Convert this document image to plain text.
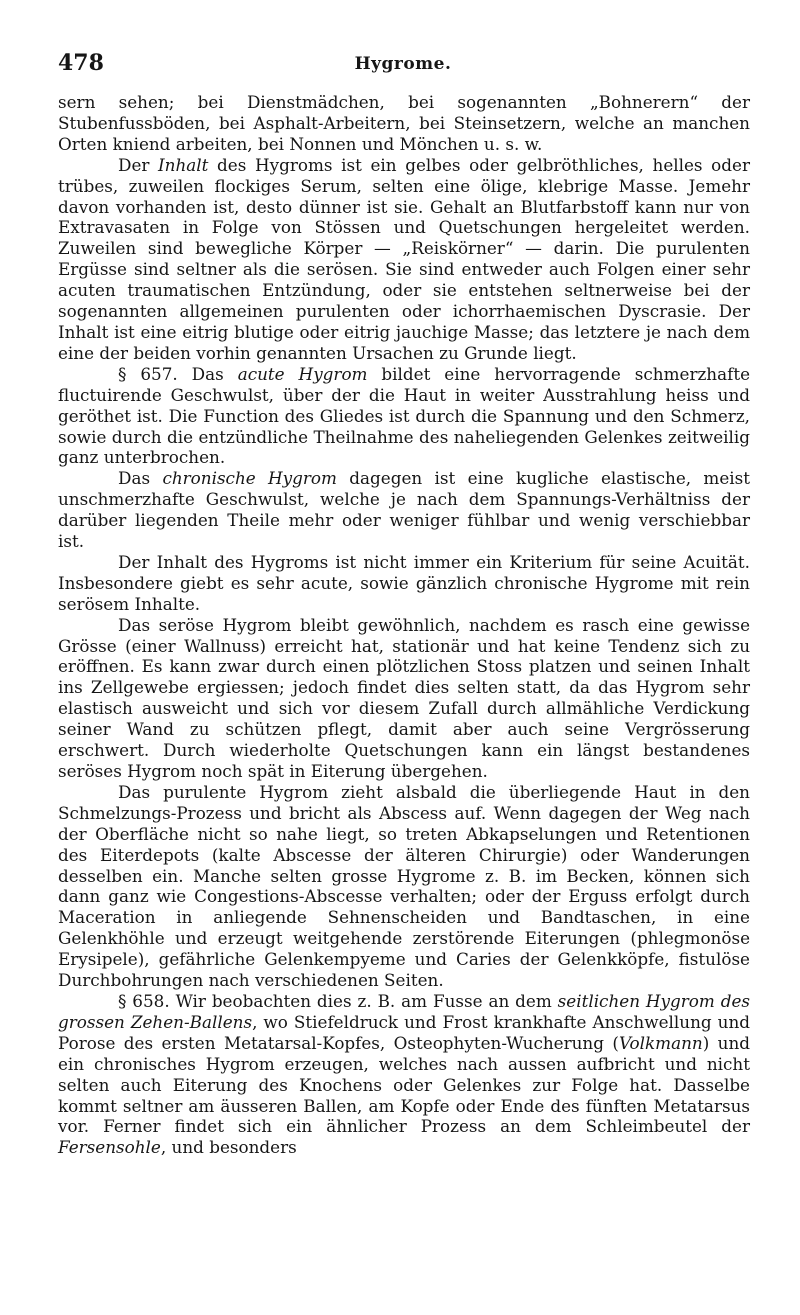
478	Hygrome.

sern sehen; bei Dienstmädchen, bei sogenannten „Bohnerern“ der Stubenfussböden, bei Asphalt-Arbeitern, bei Steinsetzern, welche an manchen Orten kniend arbeiten, bei Nonnen und Mönchen u. s. w.

Der Inhalt des Hygroms ist ein gelbes oder gelbröthliches, helles oder trübes, zuweilen flockiges Serum, selten eine ölige, klebrige Masse. Jemehr davon vorhanden ist, desto dünner ist sie. Gehalt an Blutfarbstoff kann nur von Extravasaten in Folge von Stössen und Quetschungen hergeleitet werden. Zuweilen sind bewegliche Körper — „Reiskörner“ — darin. Die purulenten Ergüsse sind seltner als die serösen. Sie sind entweder auch Folgen einer sehr acuten traumatischen Entzündung, oder sie entstehen seltnerweise bei der sogenannten allgemeinen purulenten oder ichorrhaemischen Dyscrasie. Der Inhalt ist eine eitrig blutige oder eitrig jauchige Masse; das letztere je nach dem eine der beiden vorhin genannten Ursachen zu Grunde liegt.

§ 657. Das acute Hygrom bildet eine hervorragende schmerzhafte fluctuirende Geschwulst, über der die Haut in weiter Ausstrahlung heiss und geröthet ist. Die Function des Gliedes ist durch die Spannung und den Schmerz, sowie durch die entzündliche Theilnahme des naheliegenden Gelenkes zeitweilig ganz unterbrochen.

Das chronische Hygrom dagegen ist eine kugliche elastische, meist unschmerzhafte Geschwulst, welche je nach dem Spannungs-Verhältniss der darüber liegenden Theile mehr oder weniger fühlbar und wenig verschiebbar ist.

Der Inhalt des Hygroms ist nicht immer ein Kriterium für seine Acuität. Insbesondere giebt es sehr acute, sowie gänzlich chronische Hygrome mit rein serösem Inhalte.

Das seröse Hygrom bleibt gewöhnlich, nachdem es rasch eine gewisse Grösse (einer Wallnuss) erreicht hat, stationär und hat keine Tendenz sich zu eröffnen. Es kann zwar durch einen plötzlichen Stoss platzen und seinen Inhalt ins Zellgewebe ergiessen; jedoch findet dies selten statt, da das Hygrom sehr elastisch ausweicht und sich vor diesem Zufall durch allmähliche Verdickung seiner Wand zu schützen pflegt, damit aber auch seine Vergrösserung erschwert. Durch wiederholte Quetschungen kann ein längst bestandenes seröses Hygrom noch spät in Eiterung übergehen.

Das purulente Hygrom zieht alsbald die überliegende Haut in den Schmelzungs-Prozess und bricht als Abscess auf. Wenn dagegen der Weg nach der Oberfläche nicht so nahe liegt, so treten Abkapselungen und Retentionen des Eiterdepots (kalte Abscesse der älteren Chirurgie) oder Wanderungen desselben ein. Manche selten grosse Hygrome z. B. im Becken, können sich dann ganz wie Congestions-Abscesse verhalten; oder der Erguss erfolgt durch Maceration in anliegende Sehnenscheiden und Bandtaschen, in eine Gelenkhöhle und erzeugt weitgehende zerstörende Eiterungen (phlegmonöse Erysipele), gefährliche Gelenkempyeme und Caries der Gelenkköpfe, fistulöse Durchbohrungen nach verschiedenen Seiten.

§ 658. Wir beobachten dies z. B. am Fusse an dem seitlichen Hygrom des grossen Zehen-Ballens, wo Stiefeldruck und Frost krankhafte Anschwellung und Porose des ersten Metatarsal-Kopfes, Osteophyten-Wucherung (Volkmann) und ein chronisches Hygrom erzeugen, welches nach aussen aufbricht und nicht selten auch Eiterung des Knochens oder Gelenkes zur Folge hat. Dasselbe kommt seltner am äusseren Ballen, am Kopfe oder Ende des fünften Metatarsus vor. Ferner findet sich ein ähnlicher Prozess an dem Schleimbeutel der Fersensohle, und besonders
